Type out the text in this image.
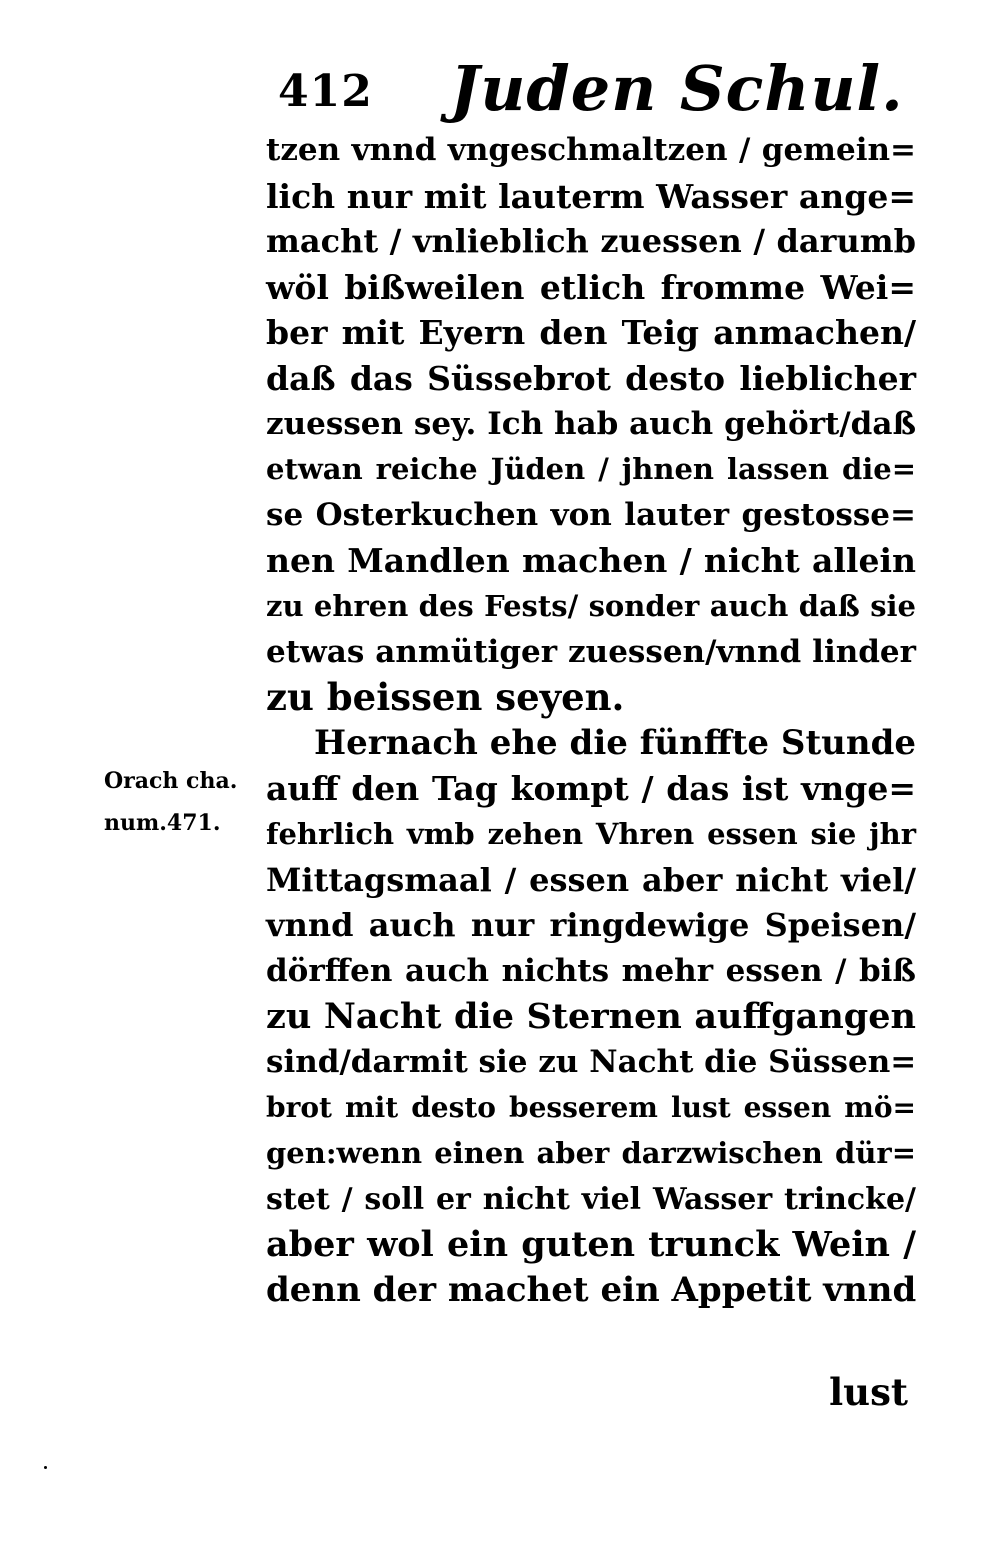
412 Juden Schul.
Orach cha.
num.471.
tzen vnnd vngeschmaltzen / gemein=
lich nur mit lauterm Wasser ange=
macht / vnlieblich zuessen / darumb
wöl bißweilen etlich fromme Wei=
ber mit Eyern den Teig anmachen/
daß das Süssebrot desto lieblicher
zuessen sey. Ich hab auch gehört/daß
etwan reiche Jüden / jhnen lassen die=
se Osterkuchen von lauter gestosse=
nen Mandlen machen / nicht allein
zu ehren des Fests/ sonder auch daß sie
etwas anmütiger zuessen/vnnd linder
zu beissen seyen.
Hernach ehe die fünffte Stunde
auff den Tag kompt / das ist vnge=
fehrlich vmb zehen Vhren essen sie jhr
Mittagsmaal / essen aber nicht viel/
vnnd auch nur ringdewige Speisen/
dörffen auch nichts mehr essen / biß
zu Nacht die Sternen auffgangen
sind/darmit sie zu Nacht die Süssen=
brot mit desto besserem lust essen mö=
gen:wenn einen aber darzwischen dür=
stet / soll er nicht viel Wasser trincke/
aber wol ein guten trunck Wein /
denn der machet ein Appetit vnnd
lust
